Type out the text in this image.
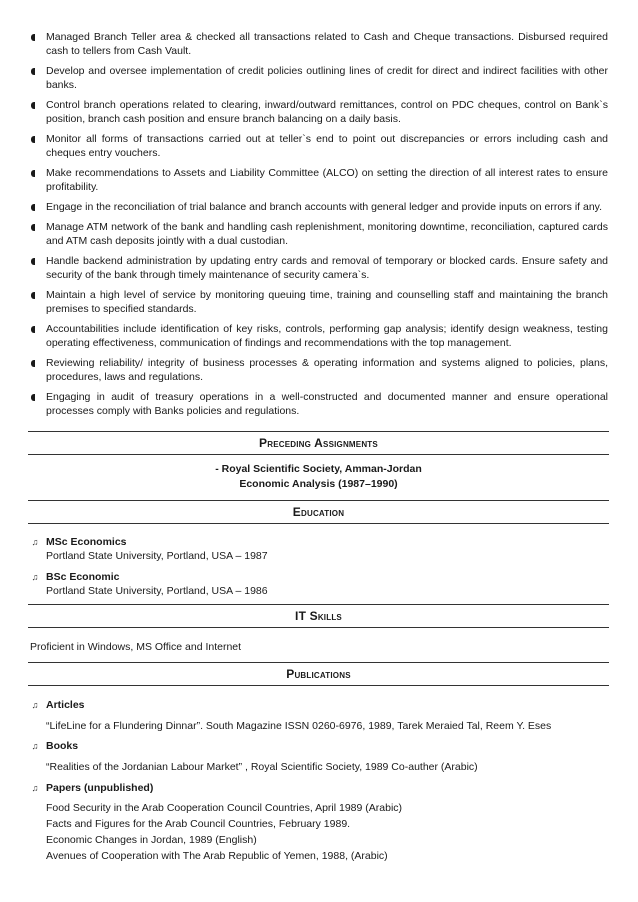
Managed Branch Teller area & checked all transactions related to Cash and Cheque transactions. Disbursed required cash to tellers from Cash Vault.
Develop and oversee implementation of credit policies outlining lines of credit for direct and indirect facilities with other banks.
Control branch operations related to clearing, inward/outward remittances, control on PDC cheques, control on Bank`s position, branch cash position and ensure branch balancing on a daily basis.
Monitor all forms of transactions carried out at teller`s end to point out discrepancies or errors including cash and cheques entry vouchers.
Make recommendations to Assets and Liability Committee (ALCO) on setting the direction of all interest rates to ensure profitability.
Engage in the reconciliation of trial balance and branch accounts with general ledger and provide inputs on errors if any.
Manage ATM network of the bank and handling cash replenishment, monitoring downtime, reconciliation, captured cards and ATM cash deposits jointly with a dual custodian.
Handle backend administration by updating entry cards and removal of temporary or blocked cards. Ensure safety and security of the bank through timely maintenance of security camera`s.
Maintain a high level of service by monitoring queuing time, training and counselling staff and maintaining the branch premises to specified standards.
Accountabilities include identification of key risks, controls, performing gap analysis; identify design weakness, testing operating effectiveness, communication of findings and recommendations with the top management.
Reviewing reliability/ integrity of business processes & operating information and systems aligned to policies, plans, procedures, laws and regulations.
Engaging in audit of treasury operations in a well-constructed and documented manner and ensure operational processes comply with Banks policies and regulations.
Preceding Assignments
- Royal Scientific Society, Amman-Jordan
Economic Analysis (1987–1990)
Education
♫ MSc Economics
Portland State University, Portland, USA – 1987
♫ BSc Economic
Portland State University, Portland, USA – 1986
IT Skills
Proficient in Windows, MS Office and Internet
Publications
♫ Articles
“LifeLine for a Flundering Dinnar”. South Magazine ISSN 0260-6976, 1989, Tarek Meraied Tal, Reem Y. Eses
♫ Books
“Realities of the Jordanian Labour Market” , Royal Scientific Society, 1989 Co-auther (Arabic)
♫ Papers (unpublished)
Food Security in the Arab Cooperation Council Countries, April 1989 (Arabic)
Facts and Figures for the Arab Council Countries, February 1989.
Economic Changes in Jordan, 1989 (English)
Avenues of Cooperation with The Arab Republic of Yemen, 1988, (Arabic)
